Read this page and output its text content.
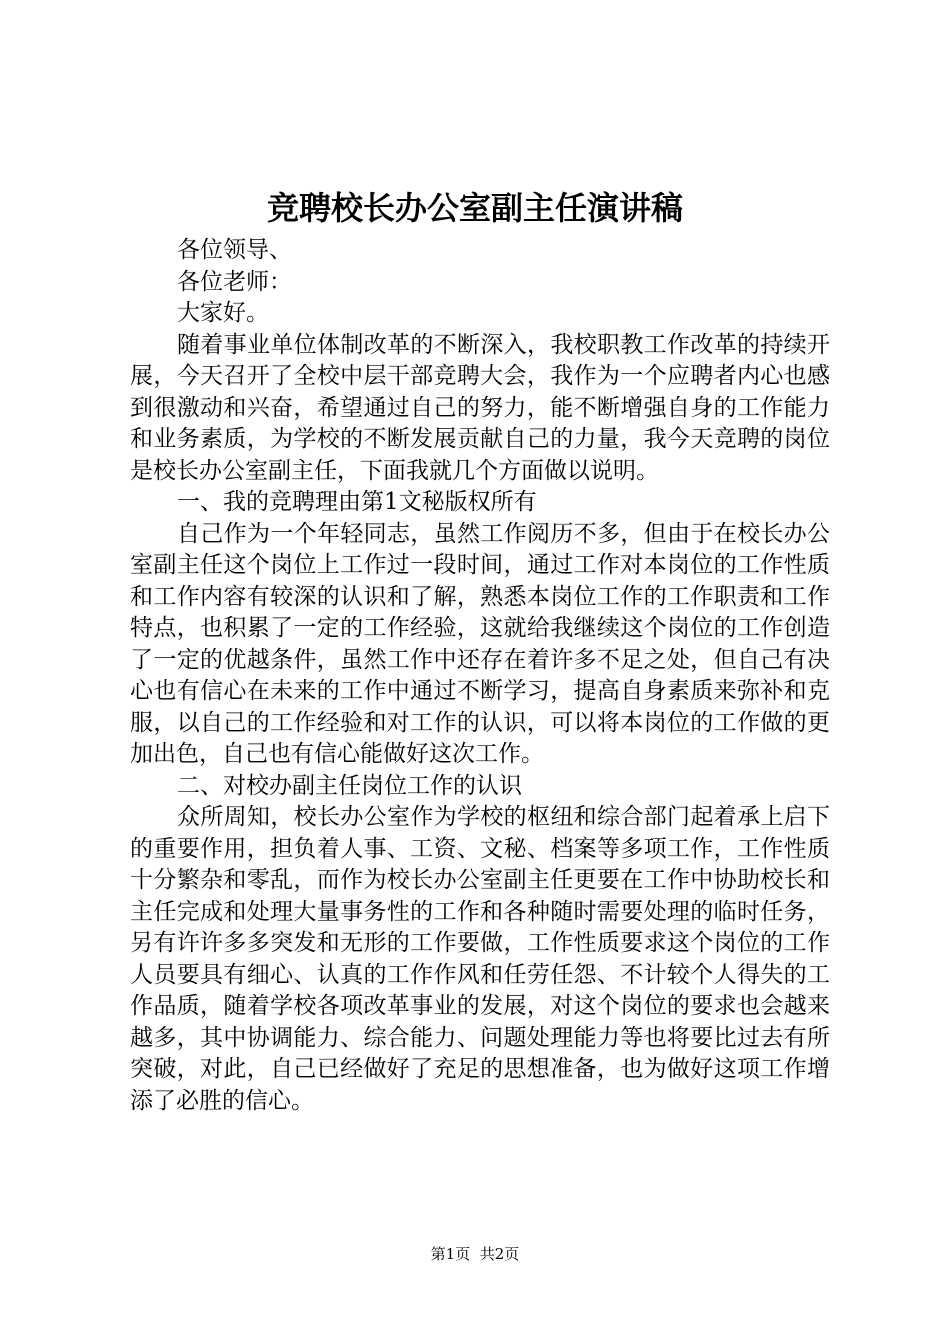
竞聘校长办公室副主任演讲稿

各位领导、

各位老师：

大家好。

随着事业单位体制改革的不断深入，我校职教工作改革的持续开展，今天召开了全校中层干部竞聘大会，我作为一个应聘者内心也感到很激动和兴奋，希望通过自己的努力，能不断增强自身的工作能力和业务素质，为学校的不断发展贡献自己的力量，我今天竞聘的岗位是校长办公室副主任，下面我就几个方面做以说明。

一、我的竞聘理由第1文秘版权所有

自己作为一个年轻同志，虽然工作阅历不多，但由于在校长办公室副主任这个岗位上工作过一段时间，通过工作对本岗位的工作性质和工作内容有较深的认识和了解，熟悉本岗位工作的工作职责和工作特点，也积累了一定的工作经验，这就给我继续这个岗位的工作创造了一定的优越条件，虽然工作中还存在着许多不足之处，但自己有决心也有信心在未来的工作中通过不断学习，提高自身素质来弥补和克服，以自己的工作经验和对工作的认识，可以将本岗位的工作做的更加出色，自己也有信心能做好这次工作。

二、对校办副主任岗位工作的认识

众所周知，校长办公室作为学校的枢纽和综合部门起着承上启下的重要作用，担负着人事、工资、文秘、档案等多项工作，工作性质十分繁杂和零乱，而作为校长办公室副主任更要在工作中协助校长和主任完成和处理大量事务性的工作和各种随时需要处理的临时任务，另有许许多多突发和无形的工作要做，工作性质要求这个岗位的工作人员要具有细心、认真的工作作风和任劳任怨、不计较个人得失的工作品质，随着学校各项改革事业的发展，对这个岗位的要求也会越来越多，其中协调能力、综合能力、问题处理能力等也将要比过去有所突破，对此，自己已经做好了充足的思想准备，也为做好这项工作增添了必胜的信心。

第1页 共2页
